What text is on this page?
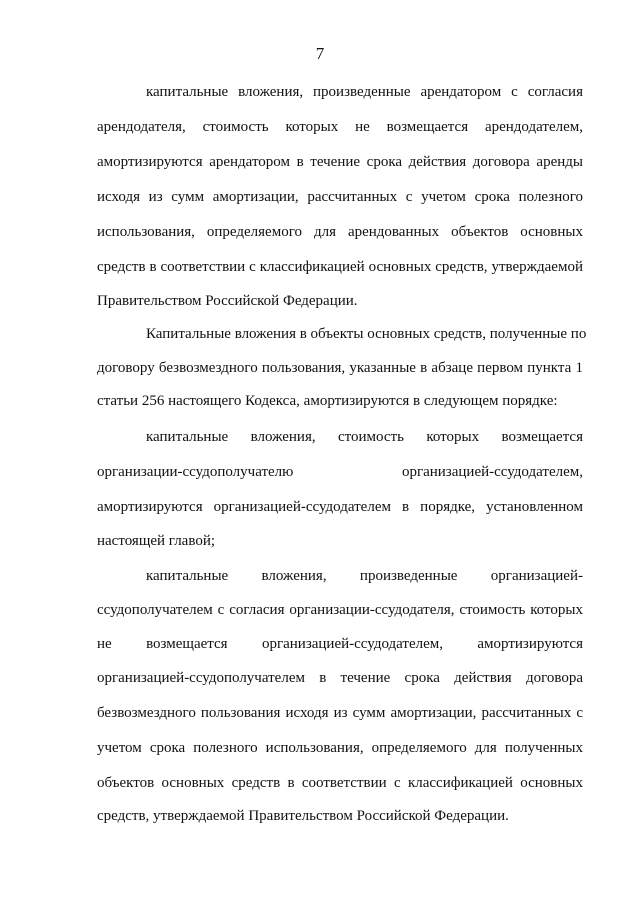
7
капитальные вложения, произведенные арендатором с согласия
арендодателя, стоимость которых не возмещается арендодателем,
амортизируются арендатором в течение срока действия договора аренды
исходя из сумм амортизации, рассчитанных с учетом срока полезного
использования, определяемого для арендованных объектов основных
средств в соответствии с классификацией основных средств, утверждаемой
Правительством Российской Федерации.
Капитальные вложения в объекты основных средств, полученные по
договору безвозмездного пользования, указанные в абзаце первом пункта 1
статьи 256 настоящего Кодекса, амортизируются в следующем порядке:
капитальные вложения, стоимость которых возмещается
организации-ссудополучателю организацией-ссудодателем,
амортизируются организацией-ссудодателем в порядке, установленном
настоящей главой;
капитальные вложения, произведенные организацией-
ссудополучателем с согласия организации-ссудодателя, стоимость которых
не возмещается организацией-ссудодателем, амортизируются
организацией-ссудополучателем в течение срока действия договора
безвозмездного пользования исходя из сумм амортизации, рассчитанных с
учетом срока полезного использования, определяемого для полученных
объектов основных средств в соответствии с классификацией основных
средств, утверждаемой Правительством Российской Федерации.
